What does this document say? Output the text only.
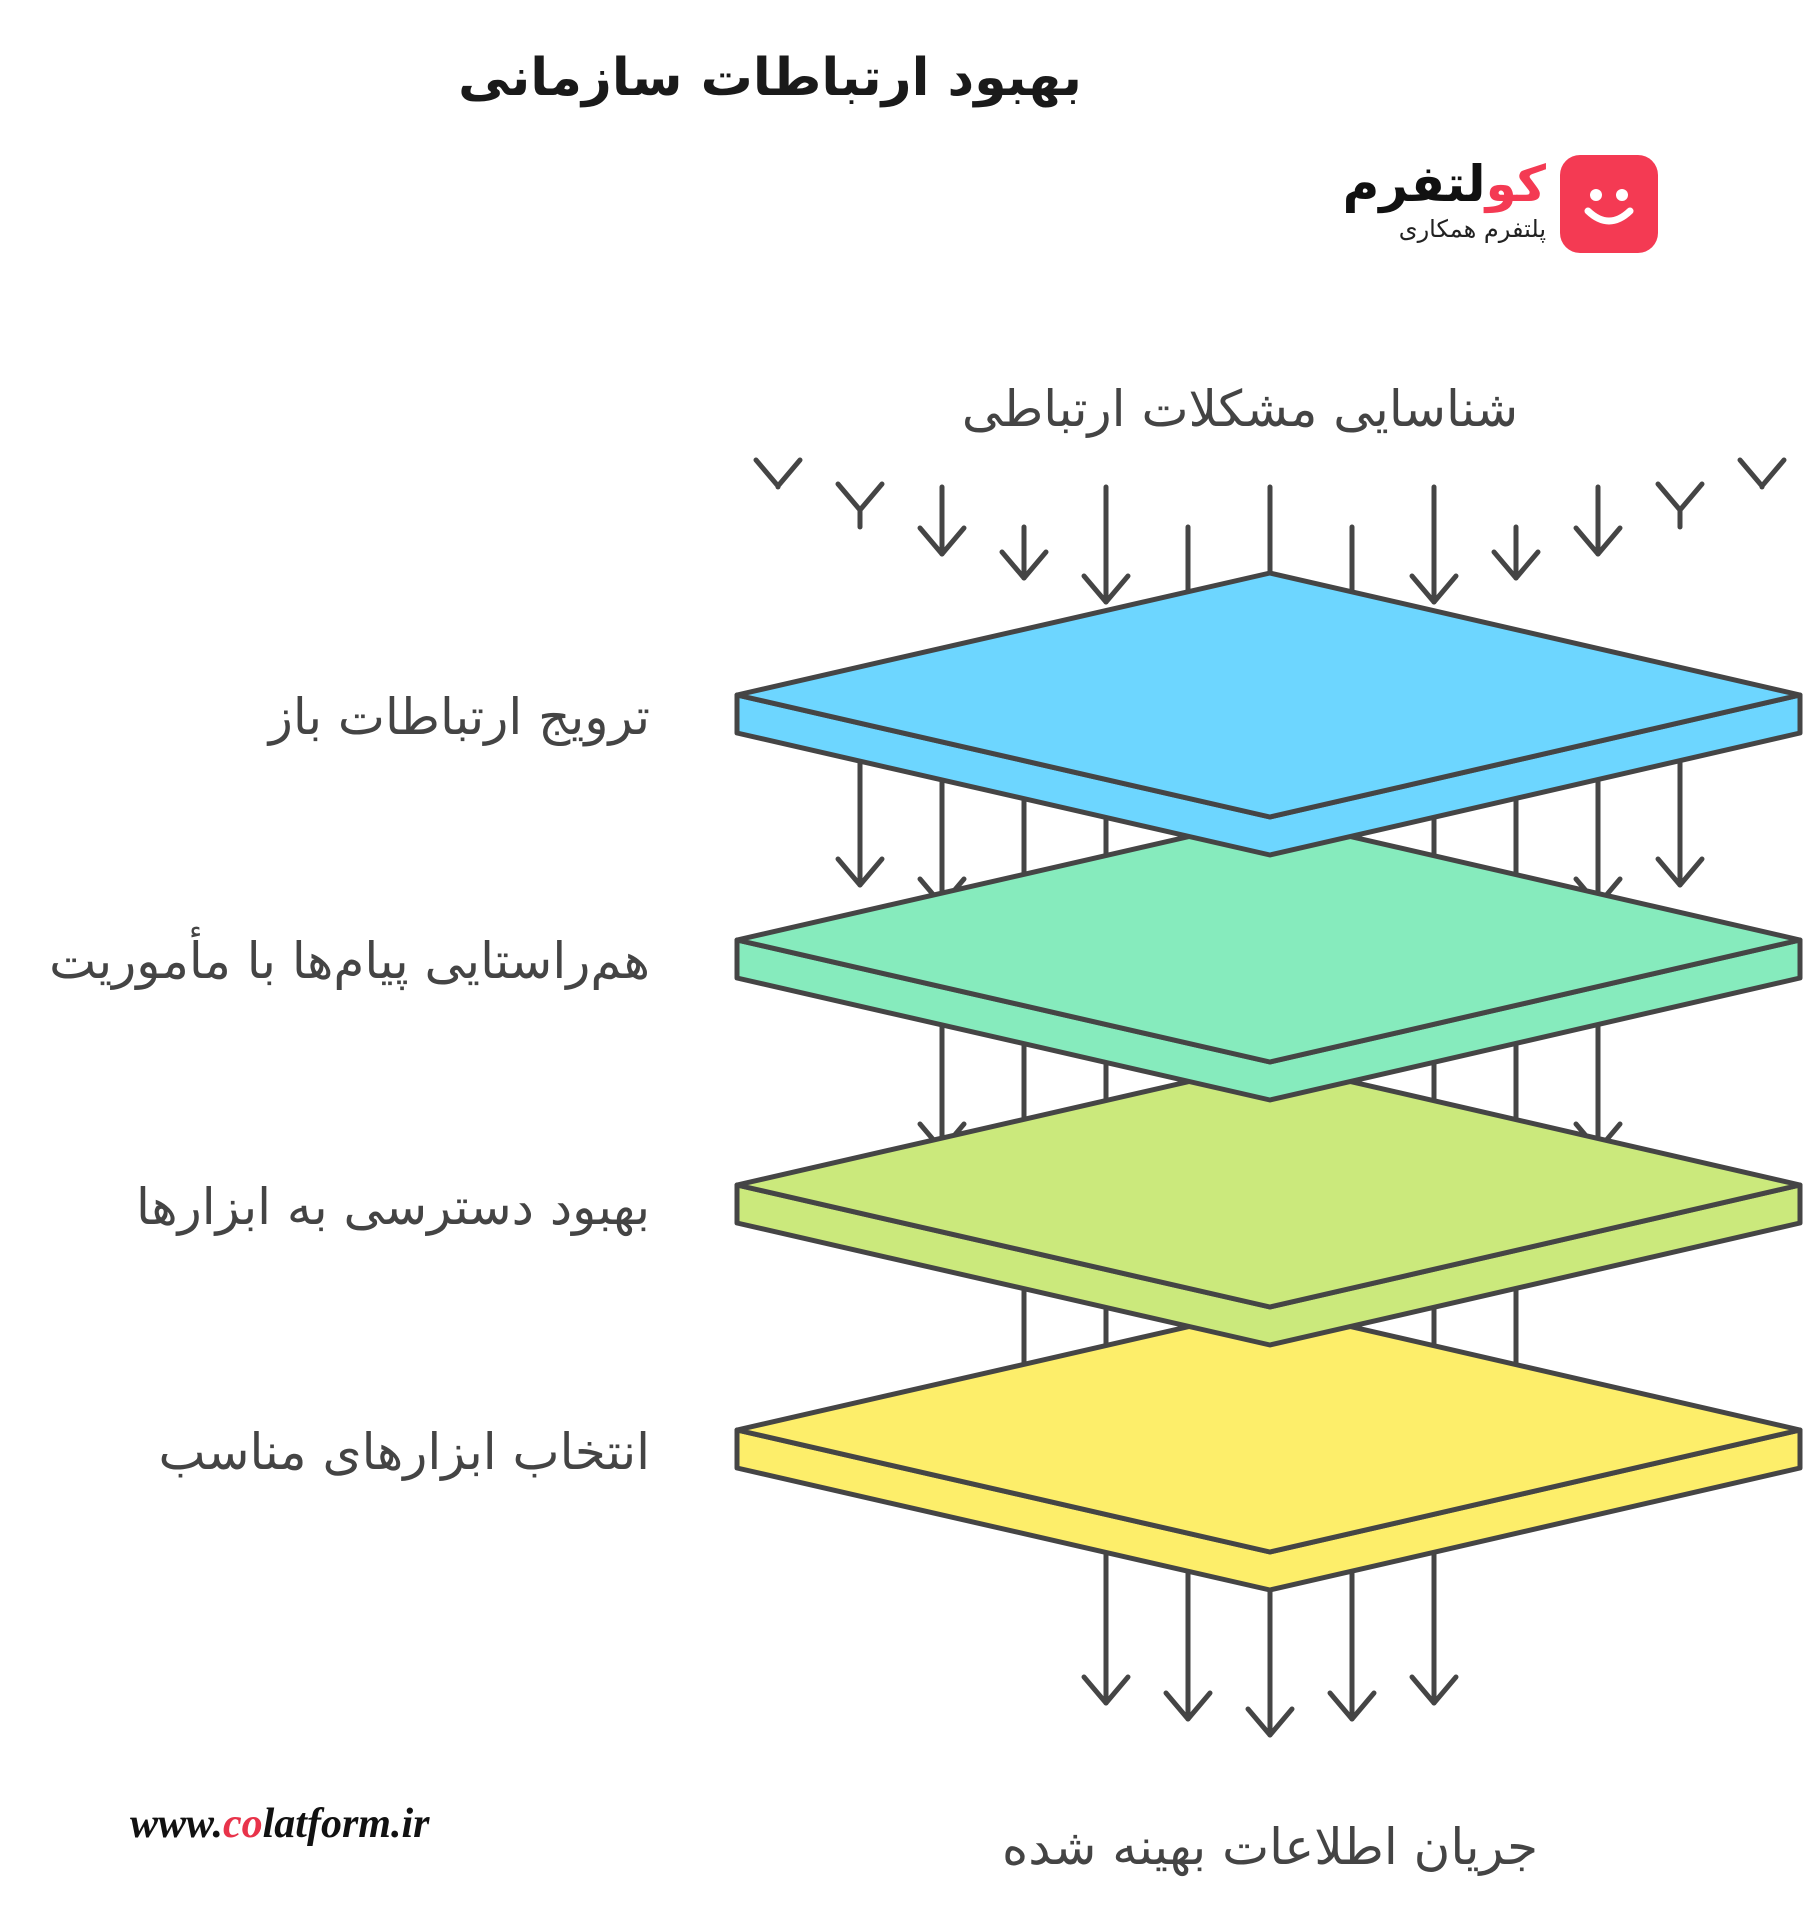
بهبود ارتباطات سازمانی
کولتفرم
پلتفرم همکاری
شناسایی مشکلات ارتباطی
ترویج ارتباطات باز
هم‌راستایی پیام‌ها با مأموریت
بهبود دسترسی به ابزارها
انتخاب ابزارهای مناسب
جریان اطلاعات بهینه شده
www.colatform.ir
